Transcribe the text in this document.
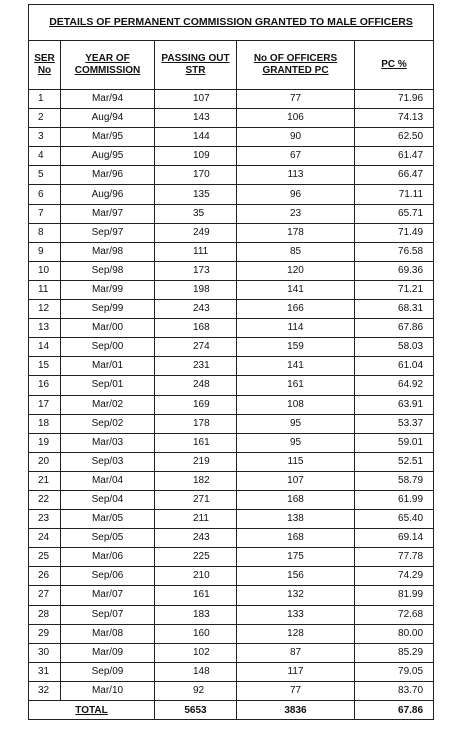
DETAILS OF PERMANENT COMMISSION GRANTED TO MALE OFFICERS				
SER No	YEAR OF COMMISSION	PASSING OUT STR	No OF OFFICERS GRANTED PC	PC %
1	Mar/94	107	77	71.96
2	Aug/94	143	106	74.13
3	Mar/95	144	90	62.50
4	Aug/95	109	67	61.47
5	Mar/96	170	113	66.47
6	Aug/96	135	96	71.11
7	Mar/97	35	23	65.71
8	Sep/97	249	178	71.49
9	Mar/98	111	85	76.58
10	Sep/98	173	120	69.36
11	Mar/99	198	141	71.21
12	Sep/99	243	166	68.31
13	Mar/00	168	114	67.86
14	Sep/00	274	159	58.03
15	Mar/01	231	141	61.04
16	Sep/01	248	161	64.92
17	Mar/02	169	108	63.91
18	Sep/02	178	95	53.37
19	Mar/03	161	95	59.01
20	Sep/03	219	115	52.51
21	Mar/04	182	107	58.79
22	Sep/04	271	168	61.99
23	Mar/05	211	138	65.40
24	Sep/05	243	168	69.14
25	Mar/06	225	175	77.78
26	Sep/06	210	156	74.29
27	Mar/07	161	132	81.99
28	Sep/07	183	133	72.68
29	Mar/08	160	128	80.00
30	Mar/09	102	87	85.29
31	Sep/09	148	117	79.05
32	Mar/10	92	77	83.70
TOTAL		5653	3836	67.86
